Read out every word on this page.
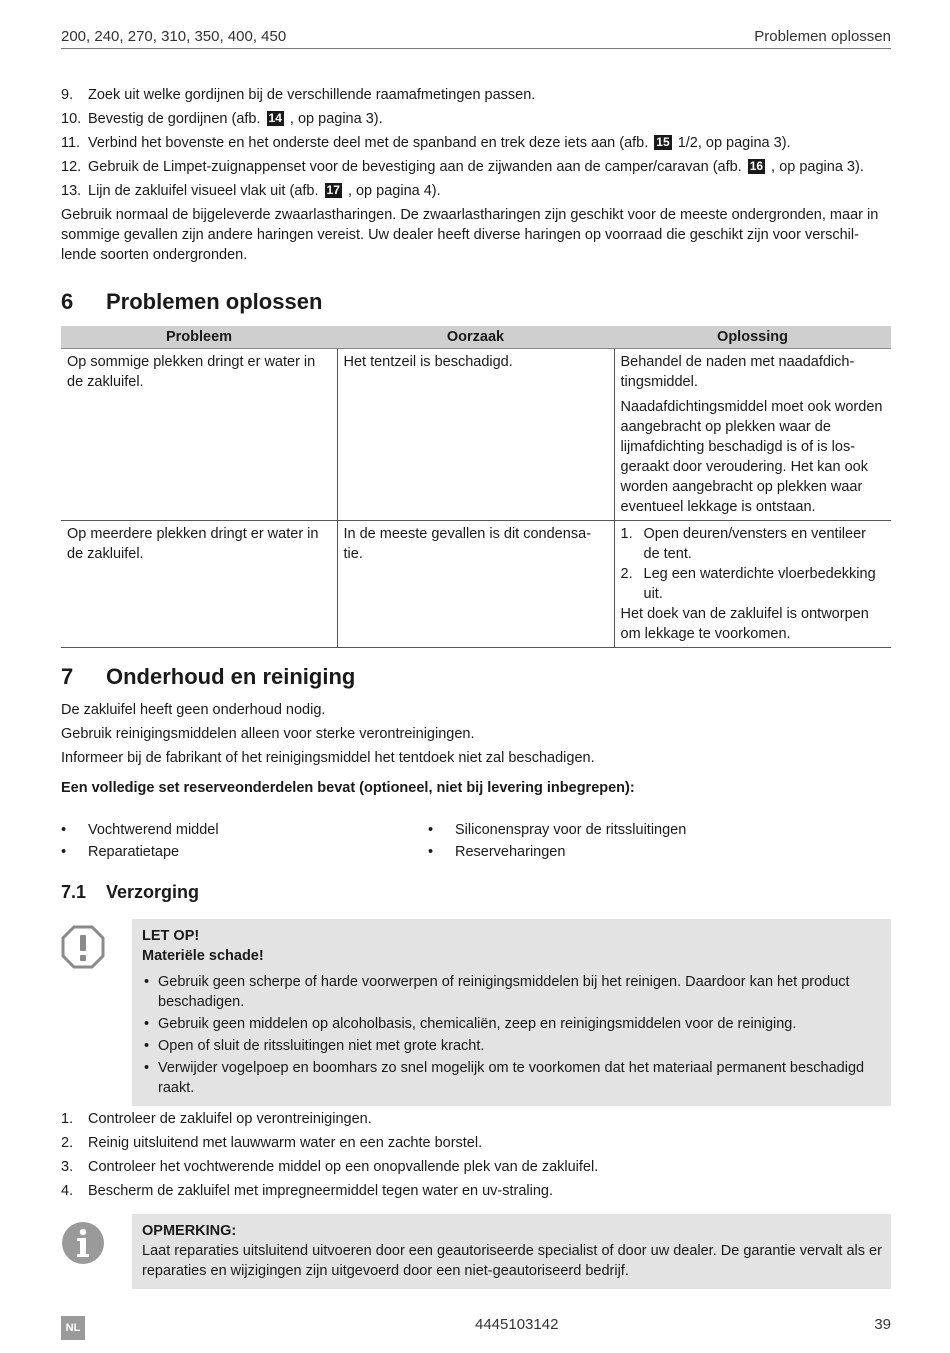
200, 240, 270, 310, 350, 400, 450	Problemen oplossen
9. Zoek uit welke gordijnen bij de verschillende raamafmetingen passen.
10. Bevestig de gordijnen (afb. 14 , op pagina 3).
11. Verbind het bovenste en het onderste deel met de spanband en trek deze iets aan (afb. 15 1/2, op pagina 3).
12. Gebruik de Limpet-zuignappenset voor de bevestiging aan de zijwanden aan de camper/caravan (afb. 16 , op pagina 3).
13. Lijn de zakluifel visueel vlak uit (afb. 17 , op pagina 4).

Gebruik normaal de bijgeleverde zwaarlastharingen. De zwaarlastharingen zijn geschikt voor de meeste ondergronden, maar in sommige gevallen zijn andere haringen vereist. Uw dealer heeft diverse haringen op voorraad die geschikt zijn voor verschil-lende soorten ondergronden.

6 Problemen oplossen
Probleem	Oorzaak	Oplossing
Op sommige plekken dringt er water in de zakluifel.	Het tentzeil is beschadigd.	Behandel de naden met naadafdich-tingsmiddel.

Naadafdichtingsmiddel moet ook worden aangebracht op plekken waar de lijmafdichting beschadigd is of is los-geraakt door veroudering. Het kan ook worden aangebracht op plekken waar eventueel lekkage is ontstaan.

Op meerdere plekken dringt er water in de zakluifel.	In de meeste gevallen is dit condensa-tie.	1. Open deuren/vensters en ventileer de tent.
2. Leg een waterdichte vloerbedekking uit.
Het doek van de zakluifel is ontworpen om lekkage te voorkomen.
7 Onderhoud en reiniging

De zakluifel heeft geen onderhoud nodig.

Gebruik reinigingsmiddelen alleen voor sterke verontreinigingen.

Informeer bij de fabrikant of het reinigingsmiddel het tentdoek niet zal beschadigen.

Een volledige set reserveonderdelen bevat (optioneel, niet bij levering inbegrepen):
• Vochtwerend middel
• Reparatietape
• Siliconenspray voor de ritssluitingen
• Reserveharingen
7.1 Verzorging
LET OP!
Materiële schade!
• Gebruik geen scherpe of harde voorwerpen of reinigingsmiddelen bij het reinigen. Daardoor kan het product beschadigen.
• Gebruik geen middelen op alcoholbasis, chemicaliën, zeep en reinigingsmiddelen voor de reiniging.
• Open of sluit de ritssluitingen niet met grote kracht.
• Verwijder vogelpoep en boomhars zo snel mogelijk om te voorkomen dat het materiaal permanent beschadigd raakt.
1. Controleer de zakluifel op verontreinigingen.
2. Reinig uitsluitend met lauwwarm water en een zachte borstel.
3. Controleer het vochtwerende middel op een onopvallende plek van de zakluifel.
4. Bescherm de zakluifel met impregneermiddel tegen water en uv-straling.
OPMERKING:
Laat reparaties uitsluitend uitvoeren door een geautoriseerde specialist of door uw dealer. De garantie vervalt als er reparaties en wijzigingen zijn uitgevoerd door een niet-geautoriseerd bedrijf.
NL	4445103142	39
